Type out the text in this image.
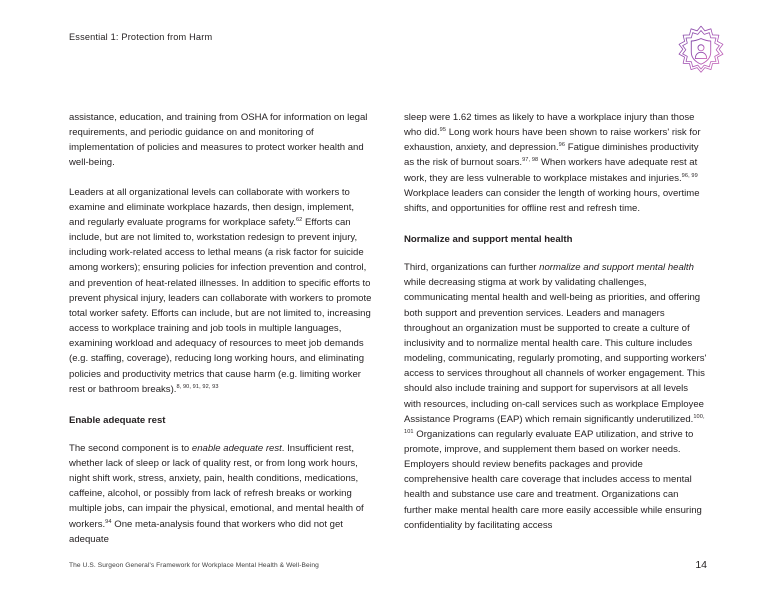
Essential 1: Protection from Harm

assistance, education, and training from OSHA for information on legal requirements, and periodic guidance on and monitoring of implementation of policies and measures to protect worker health and well-being.

Leaders at all organizational levels can collaborate with workers to examine and eliminate workplace hazards, then design, implement, and regularly evaluate programs for workplace safety.$^{62}$ Efforts can include, but are not limited to, workstation redesign to prevent injury, including work-related access to lethal means (a risk factor for suicide among workers); ensuring policies for infection prevention and control, and prevention of heat-related illnesses. In addition to specific efforts to prevent physical injury, leaders can collaborate with workers to promote total worker safety. Efforts can include, but are not limited to, increasing access to workplace training and job tools in multiple languages, examining workload and adequacy of resources to meet job demands (e.g. staffing, coverage), reducing long working hours, and eliminating policies and productivity metrics that cause harm (e.g. limiting worker rest or bathroom breaks).$^{8, 90, 91, 92, 93}$

Enable adequate rest

The second component is to enable adequate rest. Insufficient rest, whether lack of sleep or lack of quality rest, or from long work hours, night shift work, stress, anxiety, pain, health conditions, medications, caffeine, alcohol, or possibly from lack of refresh breaks or working multiple jobs, can impair the physical, emotional, and mental health of workers.$^{94}$ One meta-analysis found that workers who did not get adequate

sleep were 1.62 times as likely to have a workplace injury than those who did.$^{95}$ Long work hours have been shown to raise workers' risk for exhaustion, anxiety, and depression.$^{96}$ Fatigue diminishes productivity as the risk of burnout soars.$^{97, 98}$ When workers have adequate rest at work, they are less vulnerable to workplace mistakes and injuries.$^{96, 99}$ Workplace leaders can consider the length of working hours, overtime shifts, and opportunities for offline rest and refresh time.

Normalize and support mental health

Third, organizations can further normalize and support mental health while decreasing stigma at work by validating challenges, communicating mental health and well-being as priorities, and offering both support and prevention services. Leaders and managers throughout an organization must be supported to create a culture of inclusivity and to normalize mental health care. This culture includes modeling, communicating, regularly promoting, and supporting workers' access to services throughout all channels of worker engagement. This should also include training and support for supervisors at all levels with resources, including on-call services such as workplace Employee Assistance Programs (EAP) which remain significantly underutilized.$^{100, 101}$ Organizations can regularly evaluate EAP utilization, and strive to promote, improve, and supplement them based on worker needs. Employers should review benefits packages and provide comprehensive health care coverage that includes access to mental health and substance use care and treatment. Organizations can further make mental health care more easily accessible while ensuring confidentiality by facilitating access

The U.S. Surgeon General's Framework for Workplace Mental Health & Well-Being	14
